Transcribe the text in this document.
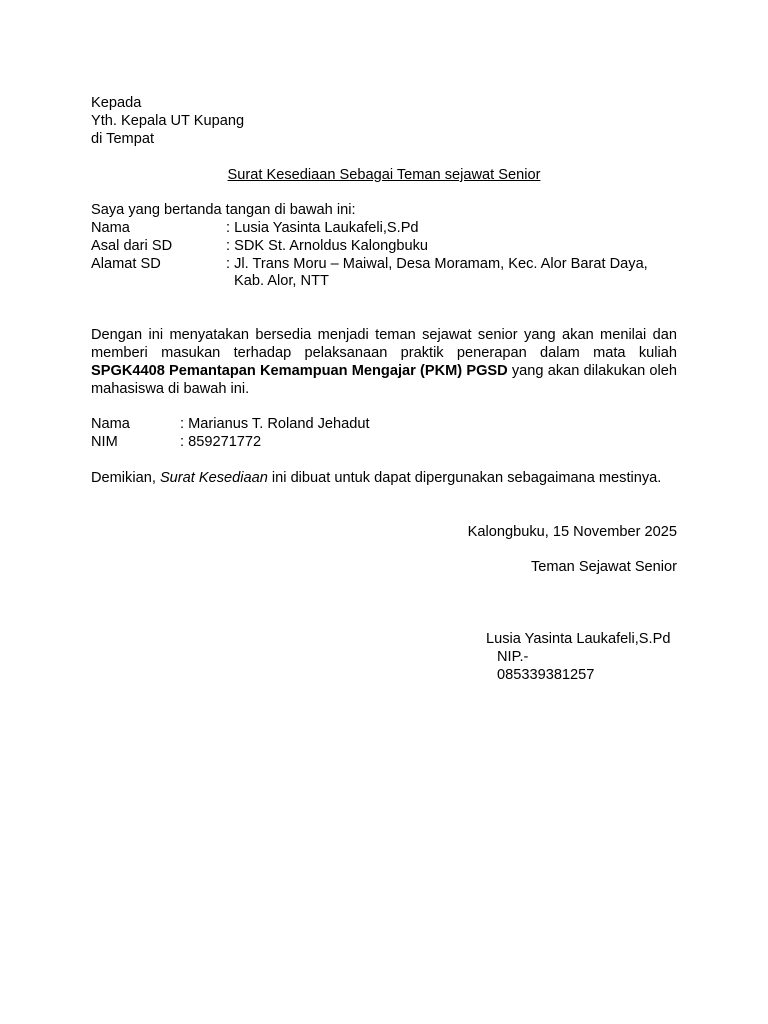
Kepada
Yth. Kepala UT Kupang
di Tempat
Surat Kesediaan Sebagai Teman sejawat Senior
Saya yang bertanda tangan di bawah ini:
Nama	: Lusia Yasinta Laukafeli,S.Pd
Asal dari SD	: SDK St. Arnoldus Kalongbuku
Alamat SD	: Jl. Trans Moru – Maiwal, Desa Moramam, Kec. Alor Barat Daya,
Kab. Alor, NTT
Dengan ini menyatakan bersedia menjadi teman sejawat senior yang akan menilai dan memberi masukan terhadap pelaksanaan praktik penerapan dalam mata kuliah SPGK4408 Pemantapan Kemampuan Mengajar (PKM) PGSD yang akan dilakukan oleh mahasiswa di bawah ini.
Nama	: Marianus T. Roland Jehadut
NIM	: 859271772
Demikian, Surat Kesediaan ini dibuat untuk dapat dipergunakan sebagaimana mestinya.
Kalongbuku, 15 November 2025
Teman Sejawat Senior
Lusia Yasinta Laukafeli,S.Pd
NIP.-
085339381257
